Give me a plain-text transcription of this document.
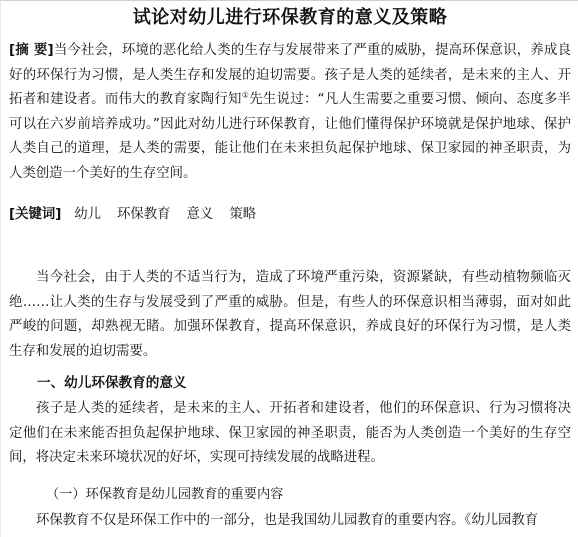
试论对幼儿进行环保教育的意义及策略
[摘 要]当今社会，环境的恶化给人类的生存与发展带来了严重的威胁，提高环保意识，养成良好的环保行为习惯，是人类生存和发展的迫切需要。孩子是人类的延续者，是未来的主人、开拓者和建设者。而伟大的教育家陶行知①先生说过：“凡人生需要之重要习惯、倾向、态度多半可以在六岁前培养成功。”因此对幼儿进行环保教育，让他们懂得保护环境就是保护地球、保护人类自己的道理，是人类的需要，能让他们在未来担负起保护地球、保卫家园的神圣职责，为人类创造一个美好的生存空间。
[关键词] 幼儿 环保教育 意义 策略
当今社会，由于人类的不适当行为，造成了环境严重污染，资源紧缺，有些动植物频临灭绝……让人类的生存与发展受到了严重的威胁。但是，有些人的环保意识相当薄弱，面对如此严峻的问题，却熟视无睹。加强环保教育，提高环保意识，养成良好的环保行为习惯，是人类生存和发展的迫切需要。
一、幼儿环保教育的意义
孩子是人类的延续者，是未来的主人、开拓者和建设者，他们的环保意识、行为习惯将决定他们在未来能否担负起保护地球、保卫家园的神圣职责，能否为人类创造一个美好的生存空间，将决定未来环境状况的好坏，实现可持续发展的战略进程。
（一）环保教育是幼儿园教育的重要内容
环保教育不仅是环保工作中的一部分，也是我国幼儿园教育的重要内容。《幼儿园教育
